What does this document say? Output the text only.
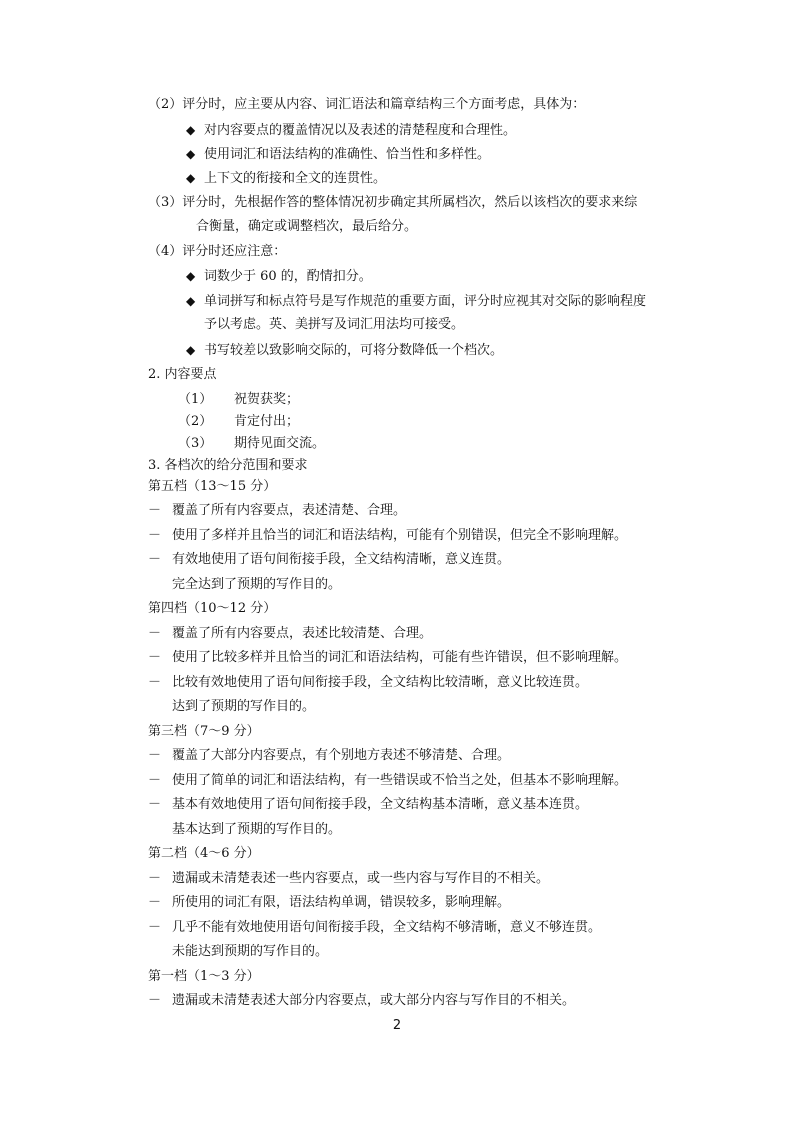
（2）评分时，应主要从内容、词汇语法和篇章结构三个方面考虑，具体为：
◆ 对内容要点的覆盖情况以及表述的清楚程度和合理性。
◆ 使用词汇和语法结构的准确性、恰当性和多样性。
◆ 上下文的衔接和全文的连贯性。
（3）评分时，先根据作答的整体情况初步确定其所属档次，然后以该档次的要求来综
合衡量，确定或调整档次，最后给分。
（4）评分时还应注意：
◆ 词数少于 60 的，酌情扣分。
◆ 单词拼写和标点符号是写作规范的重要方面，评分时应视其对交际的影响程度
予以考虑。英、美拼写及词汇用法均可接受。
◆ 书写较差以致影响交际的，可将分数降低一个档次。
2. 内容要点
（1） 祝贺获奖；
（2） 肯定付出；
（3） 期待见面交流。
3. 各档次的给分范围和要求
第五档（13～15 分）
－ 覆盖了所有内容要点，表述清楚、合理。
－ 使用了多样并且恰当的词汇和语法结构，可能有个别错误，但完全不影响理解。
－ 有效地使用了语句间衔接手段，全文结构清晰，意义连贯。
完全达到了预期的写作目的。
第四档（10～12 分）
－ 覆盖了所有内容要点，表述比较清楚、合理。
－ 使用了比较多样并且恰当的词汇和语法结构，可能有些许错误，但不影响理解。
－ 比较有效地使用了语句间衔接手段，全文结构比较清晰，意义比较连贯。
达到了预期的写作目的。
第三档（7～9 分）
－ 覆盖了大部分内容要点，有个别地方表述不够清楚、合理。
－ 使用了简单的词汇和语法结构，有一些错误或不恰当之处，但基本不影响理解。
－ 基本有效地使用了语句间衔接手段，全文结构基本清晰，意义基本连贯。
基本达到了预期的写作目的。
第二档（4～6 分）
－ 遗漏或未清楚表述一些内容要点，或一些内容与写作目的不相关。
－ 所使用的词汇有限，语法结构单调，错误较多，影响理解。
－ 几乎不能有效地使用语句间衔接手段，全文结构不够清晰，意义不够连贯。
未能达到预期的写作目的。
第一档（1～3 分）
－ 遗漏或未清楚表述大部分内容要点，或大部分内容与写作目的不相关。
2
